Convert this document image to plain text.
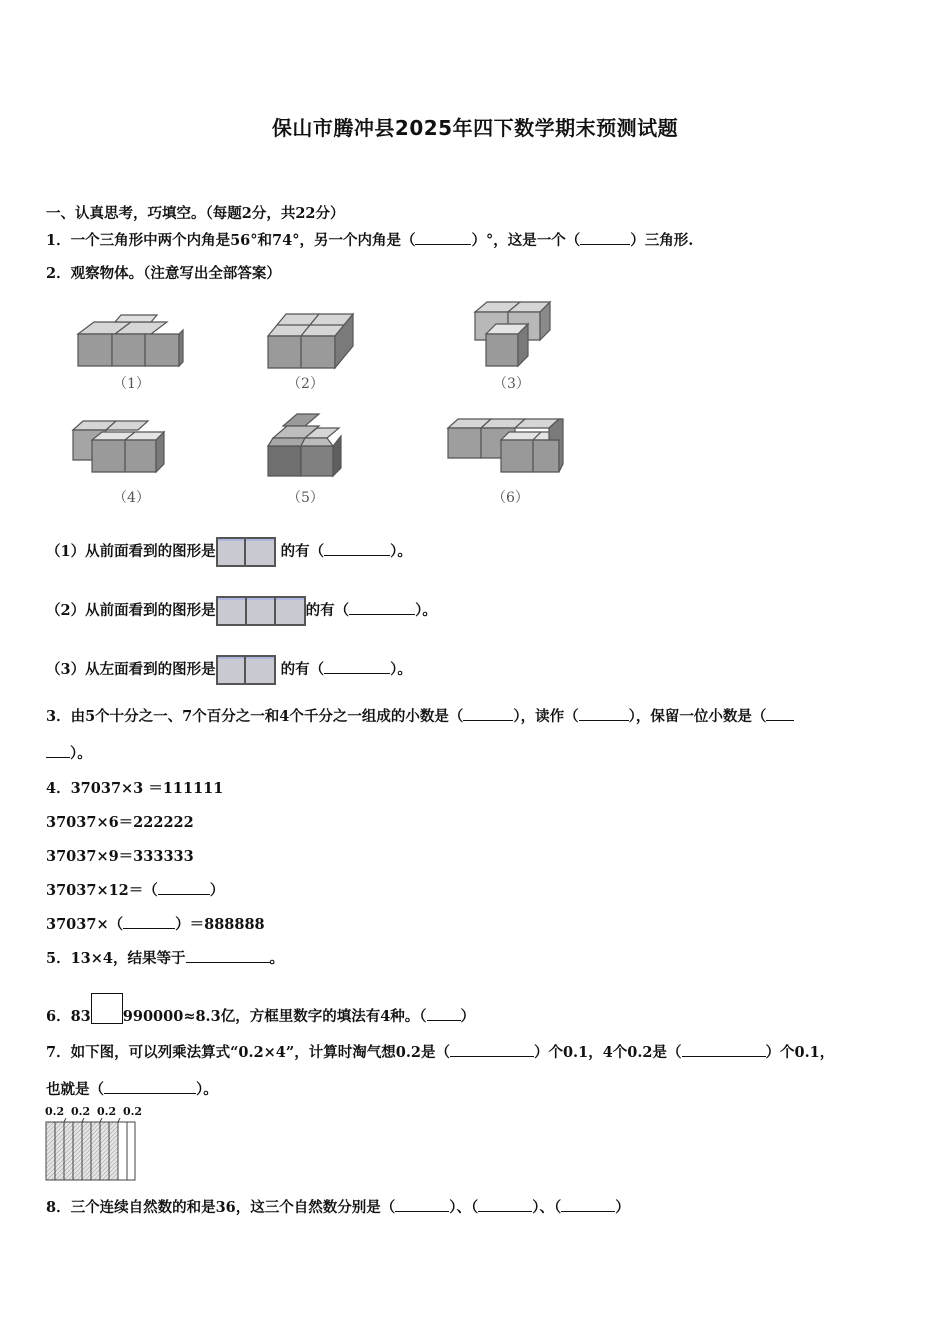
保山市腾冲县2025年四下数学期末预测试题
一、认真思考，巧填空。（每题2分，共22分）
1．一个三角形中两个内角是56°和74°，另一个内角是（	）°，这是一个（	）三角形.
2．观察物体。（注意写出全部答案）
（1）	（2）	（3）
（4）	（5）	（6）
（1）从前面看到的图形是	的有（	）。
（2）从前面看到的图形是	的有（	）。
（3）从左面看到的图形是	的有（	）。
3．由5个十分之一、7个百分之一和4个千分之一组成的小数是（	），读作（	），保留一位小数是（
）。
4．37037×3 ＝111111
37037×6＝222222
37037×9＝333333
37037×12＝（	）
37037×（	）＝888888
5．13×4，结果等于	。
6．83 990000≈8.3亿，方框里数字的填法有4种。（ ）
7．如下图，可以列乘法算式“0.2×4”，计算时淘气想0.2是（	）个0.1，4个0.2是（	）个0.1，
也就是（	）。
0.2 0.2 0.2 0.2
8．三个连续自然数的和是36，这三个自然数分别是（	）、（	）、（	）
